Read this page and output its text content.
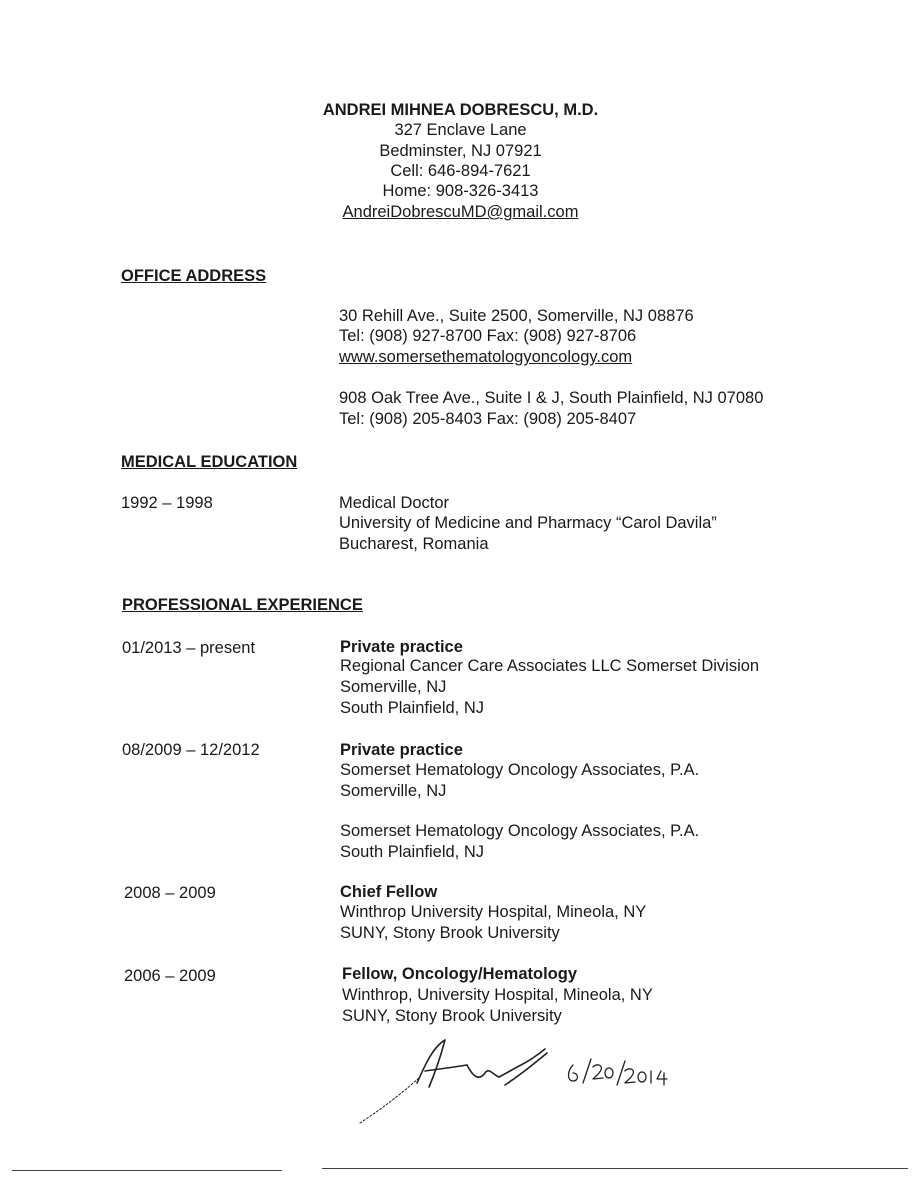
ANDREI MIHNEA DOBRESCU, M.D.
327 Enclave Lane
Bedminster, NJ 07921
Cell: 646-894-7621
Home: 908-326-3413
AndreiDobrescuMD@gmail.com
OFFICE ADDRESS
30 Rehill Ave., Suite 2500, Somerville, NJ 08876
Tel: (908) 927-8700 Fax: (908) 927-8706
www.somersethematologyoncology.com
908 Oak Tree Ave., Suite I & J, South Plainfield, NJ 07080
Tel: (908) 205-8403 Fax: (908) 205-8407
MEDICAL EDUCATION
1992 – 1998	Medical Doctor
University of Medicine and Pharmacy “Carol Davila”
Bucharest, Romania
PROFESSIONAL EXPERIENCE
01/2013 – present	Private practice
Regional Cancer Care Associates LLC Somerset Division
Somerville, NJ
South Plainfield, NJ
08/2009 – 12/2012	Private practice
Somerset Hematology Oncology Associates, P.A.
Somerville, NJ
Somerset Hematology Oncology Associates, P.A.
South Plainfield, NJ
2008 – 2009	Chief Fellow
Winthrop University Hospital, Mineola, NY
SUNY, Stony Brook University
2006 – 2009	Fellow, Oncology/Hematology
Winthrop, University Hospital, Mineola, NY
SUNY, Stony Brook University
